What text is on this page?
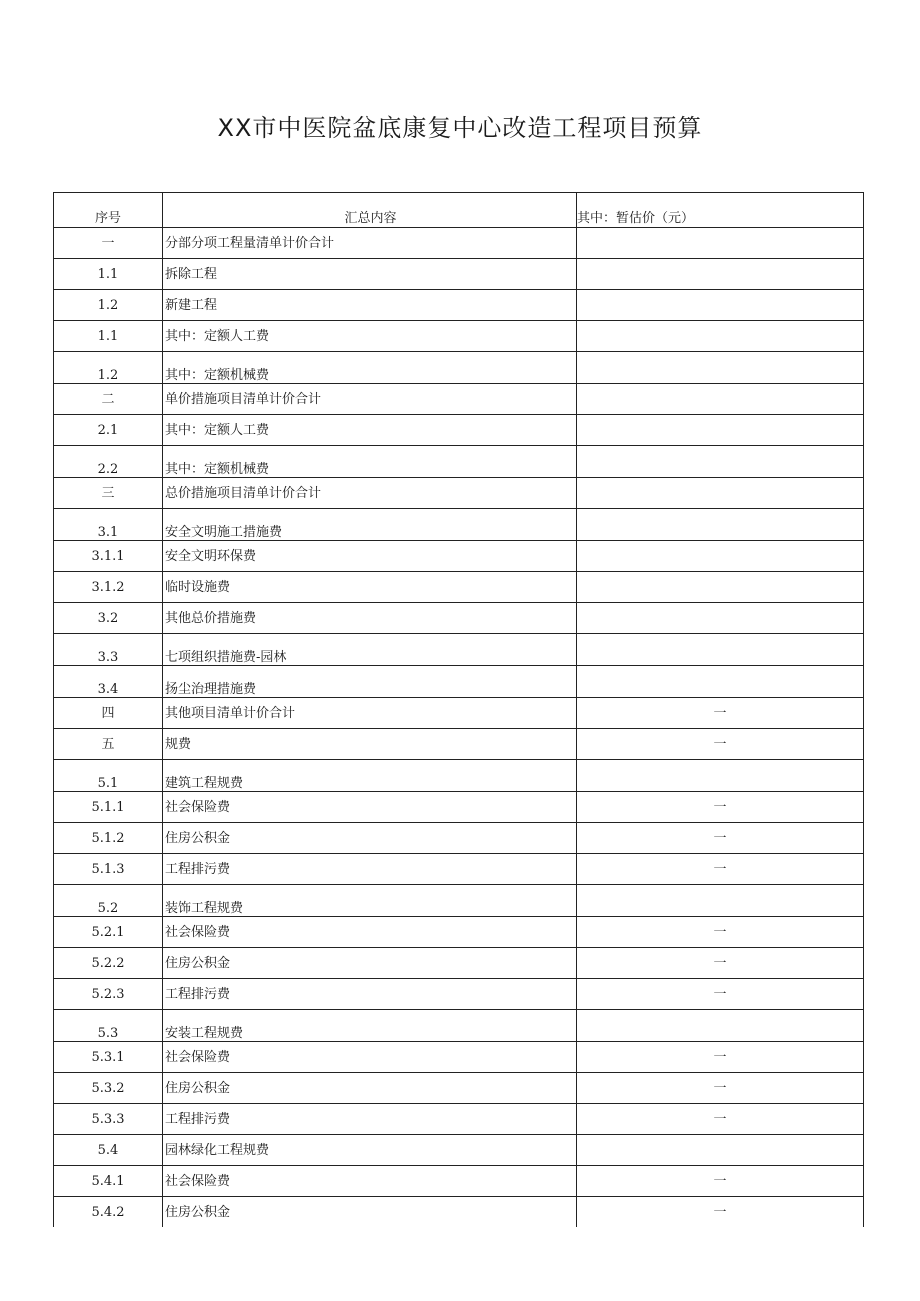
XX市中医院盆底康复中心改造工程项目预算
序号	汇总内容	其中：暂估价（元）
一	分部分项工程量清单计价合计	
1.1	拆除工程	
1.2	新建工程	
1.1	其中：定额人工费	
1.2	其中：定额机械费	
二	单价措施项目清单计价合计	
2.1	其中：定额人工费	
2.2	其中：定额机械费	
三	总价措施项目清单计价合计	
3.1	安全文明施工措施费	
3.1.1	安全文明环保费	
3.1.2	临时设施费	
3.2	其他总价措施费	
3.3	七项组织措施费-园林	
3.4	扬尘治理措施费	
四	其他项目清单计价合计	一
五	规费	一
5.1	建筑工程规费	
5.1.1	社会保险费	一
5.1.2	住房公积金	一
5.1.3	工程排污费	一
5.2	装饰工程规费	
5.2.1	社会保险费	一
5.2.2	住房公积金	一
5.2.3	工程排污费	一
5.3	安装工程规费	
5.3.1	社会保险费	一
5.3.2	住房公积金	一
5.3.3	工程排污费	一
5.4	园林绿化工程规费	
5.4.1	社会保险费	一
5.4.2	住房公积金	一
